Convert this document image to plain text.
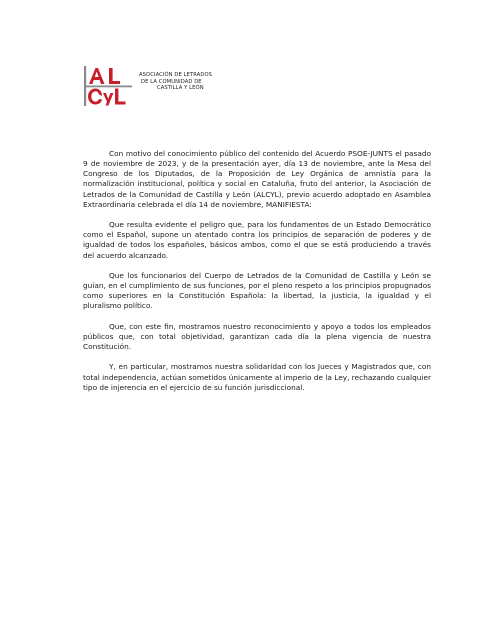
ASOCIACIÓN DE LETRADOS
DE LA COMUNIDAD DE
CASTILLA Y LEÓN

Con motivo del conocimiento público del contenido del Acuerdo PSOE-JUNTS el pasado 9 de noviembre de 2023, y de la presentación ayer, día 13 de noviembre, ante la Mesa del Congreso de los Diputados, de la Proposición de Ley Orgánica de amnistía para la normalización institucional, política y social en Cataluña, fruto del anterior, la Asociación de Letrados de la Comunidad de Castilla y León (ALCYL), previo acuerdo adoptado en Asamblea Extraordinaria celebrada el día 14 de noviembre, MANIFIESTA:

Que resulta evidente el peligro que, para los fundamentos de un Estado Democrático como el Español, supone un atentado contra los principios de separación de poderes y de igualdad de todos los españoles, básicos ambos, como el que se está produciendo a través del acuerdo alcanzado.

Que los funcionarios del Cuerpo de Letrados de la Comunidad de Castilla y León se guían, en el cumplimiento de sus funciones, por el pleno respeto a los principios propugnados como superiores en la Constitución Española: la libertad, la justicia, la igualdad y el pluralismo político.

Que, con este fin, mostramos nuestro reconocimiento y apoyo a todos los empleados públicos que, con total objetividad, garantizan cada día la plena vigencia de nuestra Constitución.

Y, en particular, mostramos nuestra solidaridad con los Jueces y Magistrados que, con total independencia, actúan sometidos únicamente al imperio de la Ley, rechazando cualquier tipo de injerencia en el ejercicio de su función jurisdiccional.
